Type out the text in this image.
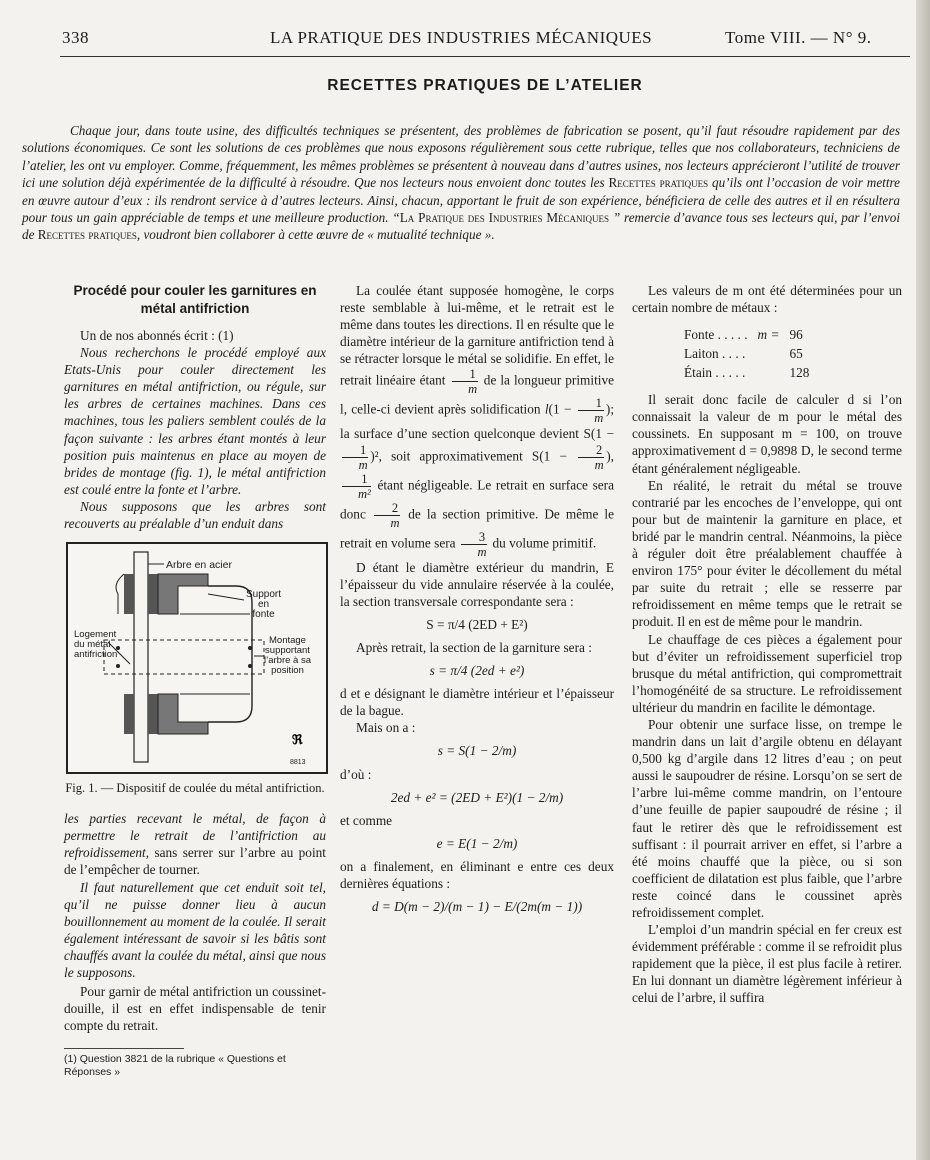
338	LA PRATIQUE DES INDUSTRIES MÉCANIQUES	Tome VIII. — N° 9.
RECETTES PRATIQUES DE L’ATELIER
Chaque jour, dans toute usine, des difficultés techniques se présentent, des problèmes de fabrication se posent, qu’il faut résoudre rapidement par des solutions économiques. Ce sont les solutions de ces problèmes que nous exposons régulièrement sous cette rubrique, telles que nos collaborateurs, techniciens de l’atelier, les ont vu employer. Comme, fréquemment, les mêmes problèmes se présentent à nouveau dans d’autres usines, nos lecteurs apprécieront l’utilité de trouver ici une solution déjà expérimentée de la difficulté à résoudre. Que nos lecteurs nous envoient donc toutes les Recettes pratiques qu’ils ont l’occasion de voir mettre en œuvre autour d’eux : ils rendront service à d’autres lecteurs. Ainsi, chacun, apportant le fruit de son expérience, bénéficiera de celle des autres et il en résultera pour tous un gain appréciable de temps et une meilleure production. “La Pratique des Industries Mécaniques ” remercie d’avance tous ses lecteurs qui, par l’envoi de Recettes pratiques, voudront bien collaborer à cette œuvre de « mutualité technique ».
Procédé pour couler les garnitures en métal antifriction

Un de nos abonnés écrit : (1)

Nous recherchons le procédé employé aux Etats-Unis pour couler directement les garnitures en métal antifriction, ou régule, sur les arbres de certaines machines. Dans ces machines, tous les paliers semblent coulés de la façon suivante : les arbres étant montés à leur position puis maintenus en place au moyen de brides de montage (fig. 1), le métal antifriction est coulé entre la fonte et l’arbre.

Nous supposons que les arbres sont recouverts au préalable d’un enduit dans

ℜ
Arbre en acier
Support
en
fonte
Logement
du métal
antifriction
Montage
supportant
l’arbre à sa
position
8813
Fig. 1. — Dispositif de coulée du métal antifriction.

les parties recevant le métal, de façon à permettre le retrait de l’antifriction au refroidissement, sans serrer sur l’arbre au point de l’empêcher de tourner.

Il faut naturellement que cet enduit soit tel, qu’il ne puisse donner lieu à aucun bouillonnement au moment de la coulée. Il serait également intéressant de savoir si les bâtis sont chauffés avant la coulée du métal, ainsi que nous le supposons.

Pour garnir de métal antifriction un coussinet-douille, il est en effet indispensable de tenir compte du retrait.

(1) Question 3821 de la rubrique « Questions et Réponses »

La coulée étant supposée homogène, le corps reste semblable à lui-même, et le retrait est le même dans toutes les directions. Il en résulte que le diamètre intérieur de la garniture antifriction tend à se rétracter lorsque le métal se solidifie. En effet, le retrait linéaire étant $\frac{1}{m}$ de la longueur primitive l, celle-ci devient après solidification $l(1 - \frac{1}{m}$ ); la surface d’une section quelconque devient S(1 −
$\frac{1}{m} )^2$, soit approximativement $S(1 - \frac{2}{m}$ ),
$\frac{1}{\text{m²}}$ étant négligeable. Le retrait en surface sera donc $\frac{2}{m}$ de la section primitive. De même le retrait en volume sera $\frac{3}{m}$ du volume primitif.

D étant le diamètre extérieur du mandrin, E l’épaisseur du vide annulaire réservée à la coulée, la section transversale correspondante sera :

S = π/4 (2ED + E²)

Après retrait, la section de la garniture sera :

s = π/4 (2ed + e²)

d et e désignant le diamètre intérieur et l’épaisseur de la bague.

Mais on a :

s = S(1 − 2/m)

d’où :

2ed + e² = (2ED + E²)(1 − 2/m)

et comme

e = E(1 − 2/m)

on a finalement, en éliminant e entre ces deux dernières équations :

d = D(m − 2)/(m − 1) − E/(2m(m − 1))

Les valeurs de m ont été déterminées pour un certain nombre de métaux :

Fonte . . . . .	m =	96
Laiton . . . .		65
Étain . . . . .		128

Il serait donc facile de calculer d si l’on connaissait la valeur de m pour le métal des coussinets. En supposant m = 100, on trouve approximativement d = 0,9898 D, le second terme étant généralement négligeable.

En réalité, le retrait du métal se trouve contrarié par les encoches de l’enveloppe, qui ont pour but de maintenir la garniture en place, et bridé par le mandrin central. Néanmoins, la pièce à réguler doit être préalablement chauffée à environ 175° pour éviter le décollement du métal par suite du retrait ; elle se resserre par refroidissement en même temps que le retrait se produit. Il en est de même pour le mandrin.

Le chauffage de ces pièces a également pour but d’éviter un refroidissement superficiel trop brusque du métal antifriction, qui compromettrait l’homogénéité de sa structure. Le refroidissement ultérieur du mandrin en facilite le démontage.

Pour obtenir une surface lisse, on trempe le mandrin dans un lait d’argile obtenu en délayant 0,500 kg d’argile dans 12 litres d’eau ; on peut aussi le saupoudrer de résine. Lorsqu’on se sert de l’arbre lui-même comme mandrin, on l’entoure d’une feuille de papier saupoudré de résine ; il faut le retirer dès que le refroidissement est suffisant : il pourrait arriver en effet, si l’arbre a été moins chauffé que la pièce, ou si son coefficient de dilatation est plus faible, que l’arbre reste coincé dans le coussinet après refroidissement complet.

L’emploi d’un mandrin spécial en fer creux est évidemment préférable : comme il se refroidit plus rapidement que la pièce, il est plus facile à retirer. En lui donnant un diamètre légèrement inférieur à celui de l’arbre, il suffira
